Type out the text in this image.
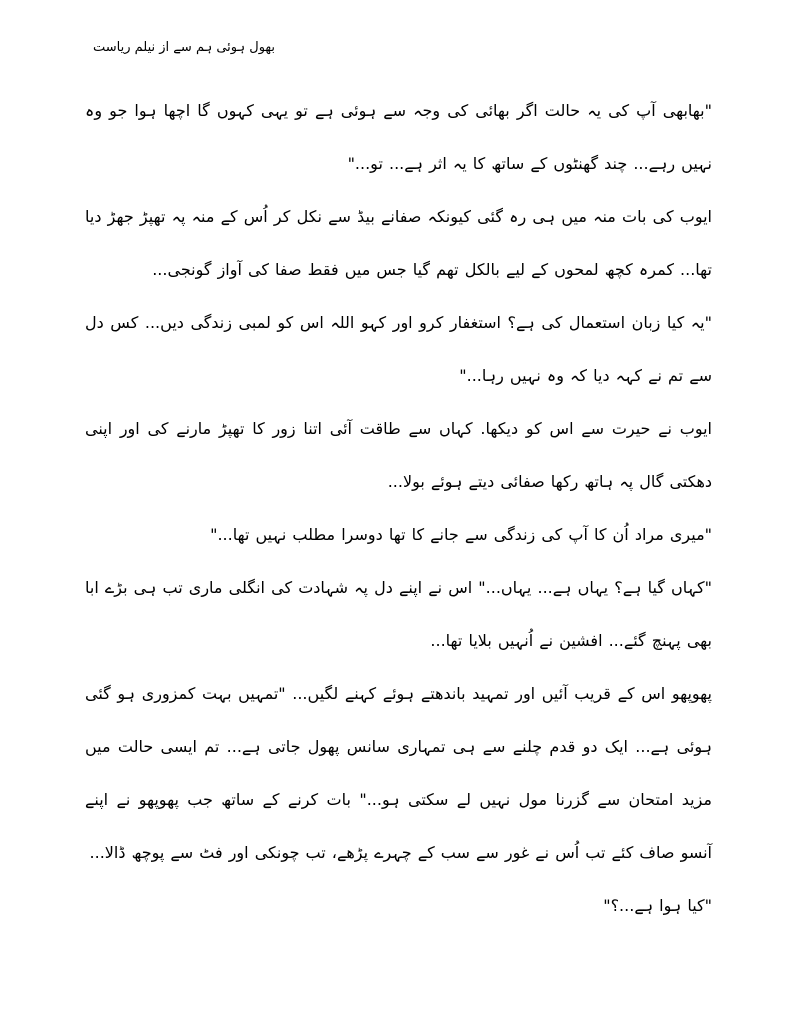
بھول ہوئی ہم سے از نیلم ریاست

"بھابھی آپ کی یہ حالت اگر بھائی کی وجہ سے ہوئی ہے تو یہی کہوں گا اچھا ہوا جو وہ نہیں رہے... چند گھنٹوں کے ساتھ کا یہ اثر ہے... تو..."

ایوب کی بات منہ میں ہی رہ گئی کیونکہ صفانے بیڈ سے نکل کر اُس کے منہ پہ تھپڑ جھڑ دیا تھا... کمرہ کچھ لمحوں کے لیے بالکل تھم گیا جس میں فقط صفا کی آواز گونجی...

"یہ کیا زبان استعمال کی ہے؟ استغفار کرو اور کہو اللہ اس کو لمبی زندگی دیں... کس دل سے تم نے کہہ دیا کہ وہ نہیں رہا..."

ایوب نے حیرت سے اس کو دیکھا. کہاں سے طاقت آئی اتنا زور کا تھپڑ مارنے کی اور اپنی دھکتی گال پہ ہاتھ رکھا صفائی دیتے ہوئے بولا...

"میری مراد اُن کا آپ کی زندگی سے جانے کا تھا دوسرا مطلب نہیں تھا..."

"کہاں گیا ہے؟ یہاں ہے... یہاں..." اس نے اپنے دل پہ شہادت کی انگلی ماری تب ہی بڑے ابا بھی پہنچ گئے... افشین نے اُنہیں بلایا تھا...

پھوپھو اس کے قریب آئیں اور تمہید باندھتے ہوئے کہنے لگیں... "تمہیں بہت کمزوری ہو گئی ہوئی ہے... ایک دو قدم چلنے سے ہی تمہاری سانس پھول جاتی ہے... تم ایسی حالت میں مزید امتحان سے گزرنا مول نہیں لے سکتی ہو..." بات کرنے کے ساتھ جب پھوپھو نے اپنے آنسو صاف کئے تب اُس نے غور سے سب کے چہرے پڑھے، تب چونکی اور فٹ سے پوچھ ڈالا...

"کیا ہوا ہے...؟"
